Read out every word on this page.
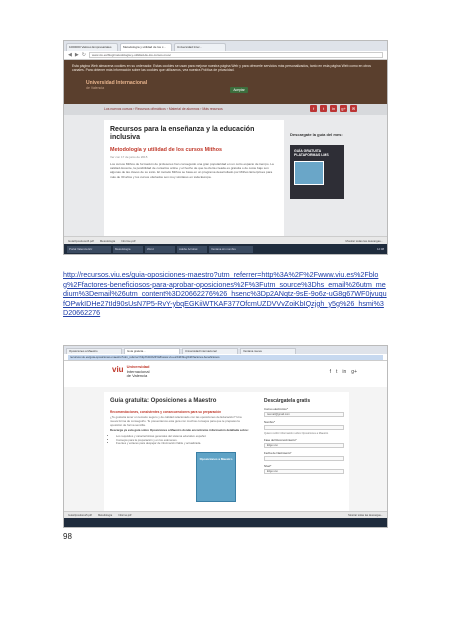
1000000 Valores Empresariales	Metodología y utilidad de los c...	Universidad Inter...
◀ ▶ ↻	www.viu.es/blog/metodologia-y-utilidad-de-los-cursos-mooc
Esta página Web almacena cookies en su ordenador. Estas cookies se usan para mejorar nuestra página Web y para ofrecerle servicios más personalizados, tanto en esta página Web como en otros canales. Para obtener más información sobre las cookies que utilizamos, vea nuestra Política de privacidad.
Universidad Internacional
de Valencia	Aceptar
Los nuevos cursos › Recursos ofimáticos › Material de alumnos › Más recursos	f	t	in	g+	✉
Recursos para la enseñanza y la educación inclusiva
Metodología y utilidad de los cursos Mithos
Ver con 17 de junio de 2015

Los cursos Mithos de formación de profesores han conseguido una gran popularidad en un corto espacio de tiempo. La calidad docente, la posibilidad de cursarlos online y el hecho de que la oferta creada es gratuita o de coste bajo son algunas de las claves de su éxito. El método Mithos se basa en un programa desarrollado por Mithos Enterprises para más de 30 años y los cursos ofertados son muy similares en toda Europa.

Descargate la guía del mes:
GUÍA GRATUITA PLATAFORMAS LMS
GuíaOpositores5.pdf Metodología Informe.pdf	Mostrar todas las descargas...
Portal Valencia EU	Metodología	Word	Adobe Acrobat	Ventana sin nombre	12:08
http://recursos.viu.es/guia-oposiciones-maestro?utm_referrer=http%3A%2F%2Fwww.viu.es%2Fblog%2Ffactores-beneficiosos-para-aprobar-oposiciones%2F%3Futm_source%3Dhs_email%26utm_medium%3Demail%26utm_content%3D20662276%26_hsenc%3Dp2ANqtz-9sE-9o6z-uG8g67WF0jvuqufOPwkIDHe27tId90sUsN7P5-RvY-ybqEGKiiWTKAF377OfcmUZDVVvZoiKbIQzjgh_y5g%26_hsmi%3D20662276
Oposiciones a Maestro	Guía gratuita...	Universidad Internacional	Ventana nueva
recursos.viu.es/guia-oposiciones-maestro?utm_referrer=http%3A%2F%2Fwww.viu.es%2Fblog%2Ffactores-beneficiosos
viu Universidad
Internacional
de Valencia
f t in g+
Guía gratuita: Oposiciones a Maestro
Recomendaciones, consistentes y consecuenciones para su preparación

¿Te gustaría tener un temario seguro y de calidad relacionado con las oposiciones de Educación? Una nueva forma de conseguirlo. Te presentamos esta guía con muchos consejos para que te prepares la oposición de forma sencilla.

Descarga ya esta guía sobre Oposiciones a Maestro donde encontrarás información detallada sobre:

• Los requisitos y características generales del sistema educativo español.
• Consejos para la preparación y en los exámenes.
• Fuentes y enlaces para despejar de información fiable y actualizada.
Oposiciones a Maestro
Descárgatela gratis
Correo electrónico*
tuemail@gmail.com
Nombre*
Quiero recibir información sobre Oposiciones a Maestro
Fase del Reconocimiento*
Elige uno
Fecha de Nacimiento*
Nivel*
Elige uno
GuíaOpositores5.pdf Metodología Informe.pdf	Mostrar todas las descargas...
98
